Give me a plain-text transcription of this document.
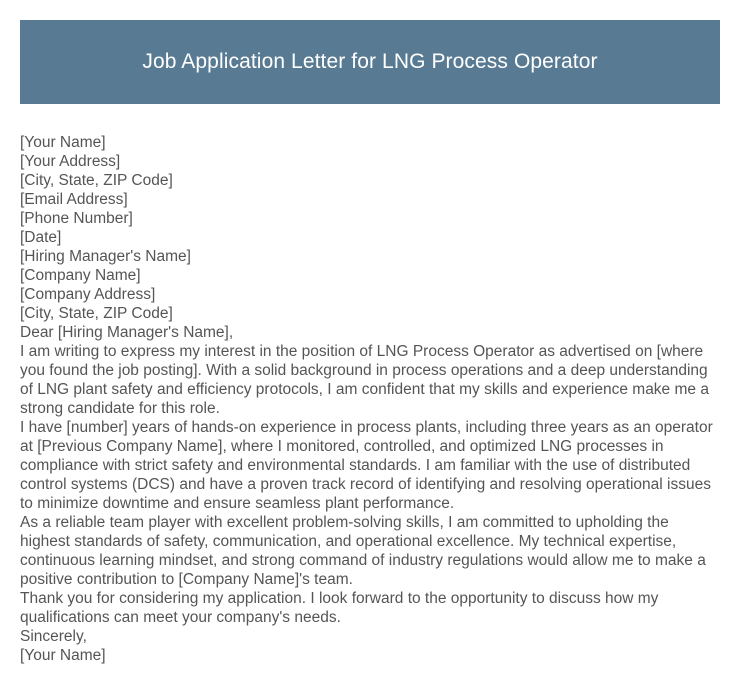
Job Application Letter for LNG Process Operator
[Your Name]
[Your Address]
[City, State, ZIP Code]
[Email Address]
[Phone Number]
[Date]
[Hiring Manager's Name]
[Company Name]
[Company Address]
[City, State, ZIP Code]
Dear [Hiring Manager's Name],

I am writing to express my interest in the position of LNG Process Operator as advertised on [where you found the job posting]. With a solid background in process operations and a deep understanding of LNG plant safety and efficiency protocols, I am confident that my skills and experience make me a strong candidate for this role.

I have [number] years of hands-on experience in process plants, including three years as an operator at [Previous Company Name], where I monitored, controlled, and optimized LNG processes in compliance with strict safety and environmental standards. I am familiar with the use of distributed control systems (DCS) and have a proven track record of identifying and resolving operational issues to minimize downtime and ensure seamless plant performance.

As a reliable team player with excellent problem-solving skills, I am committed to upholding the highest standards of safety, communication, and operational excellence. My technical expertise, continuous learning mindset, and strong command of industry regulations would allow me to make a positive contribution to [Company Name]'s team.

Thank you for considering my application. I look forward to the opportunity to discuss how my qualifications can meet your company's needs.

Sincerely,
[Your Name]
